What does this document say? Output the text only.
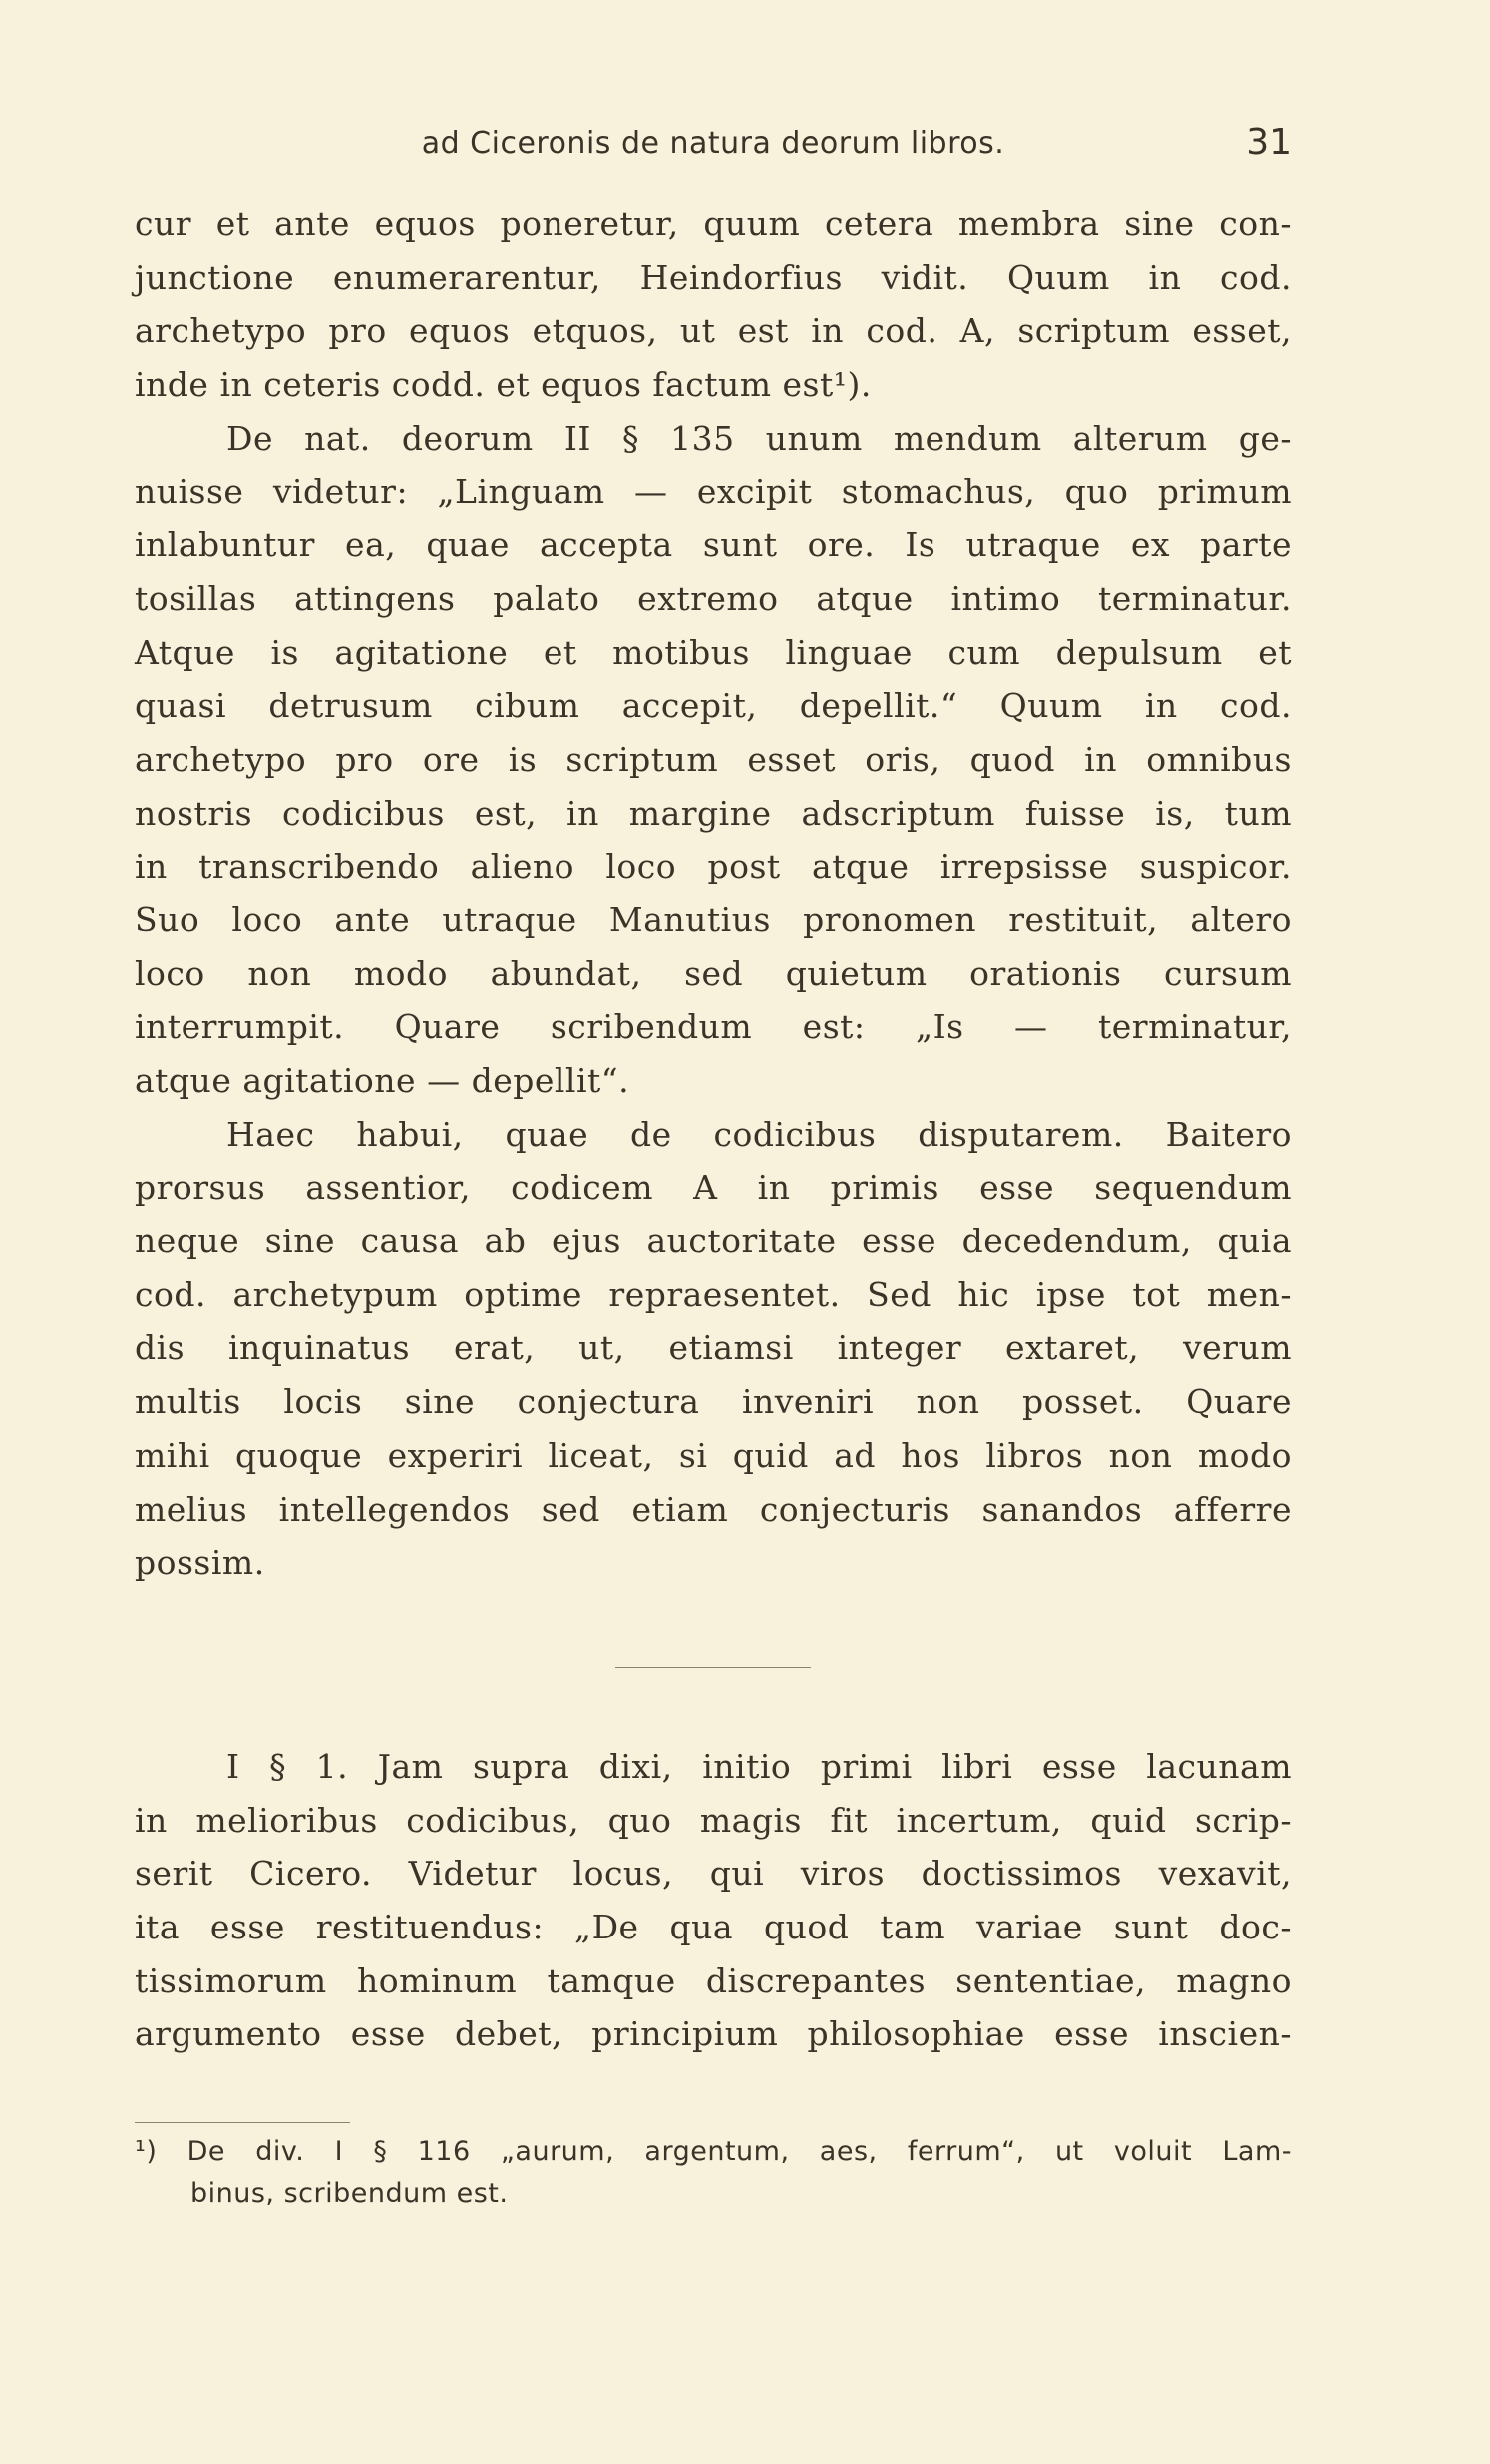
ad Ciceronis de natura deorum libros.	31
cur et ante equos poneretur, quum cetera membra sine con-
junctione enumerarentur, Heindorfius vidit. Quum in cod.
archetypo pro equos etquos, ut est in cod. A, scriptum esset,
inde in ceteris codd. et equos factum est¹).
De nat. deorum II § 135 unum mendum alterum ge-
nuisse videtur: „Linguam — excipit stomachus, quo primum
inlabuntur ea, quae accepta sunt ore. Is utraque ex parte
tosillas attingens palato extremo atque intimo terminatur.
Atque is agitatione et motibus linguae cum depulsum et
quasi detrusum cibum accepit, depellit.“ Quum in cod.
archetypo pro ore is scriptum esset oris, quod in omnibus
nostris codicibus est, in margine adscriptum fuisse is, tum
in transcribendo alieno loco post atque irrepsisse suspicor.
Suo loco ante utraque Manutius pronomen restituit, altero
loco non modo abundat, sed quietum orationis cursum
interrumpit. Quare scribendum est: „Is — terminatur,
atque agitatione — depellit“.
Haec habui, quae de codicibus disputarem. Baitero
prorsus assentior, codicem A in primis esse sequendum
neque sine causa ab ejus auctoritate esse decedendum, quia
cod. archetypum optime repraesentet. Sed hic ipse tot men-
dis inquinatus erat, ut, etiamsi integer extaret, verum
multis locis sine conjectura inveniri non posset. Quare
mihi quoque experiri liceat, si quid ad hos libros non modo
melius intellegendos sed etiam conjecturis sanandos afferre
possim.
I § 1. Jam supra dixi, initio primi libri esse lacunam
in melioribus codicibus, quo magis fit incertum, quid scrip-
serit Cicero. Videtur locus, qui viros doctissimos vexavit,
ita esse restituendus: „De qua quod tam variae sunt doc-
tissimorum hominum tamque discrepantes sententiae, magno
argumento esse debet, principium philosophiae esse inscien-
¹) De div. I § 116 „aurum, argentum, aes, ferrum“, ut voluit Lam-
binus, scribendum est.
